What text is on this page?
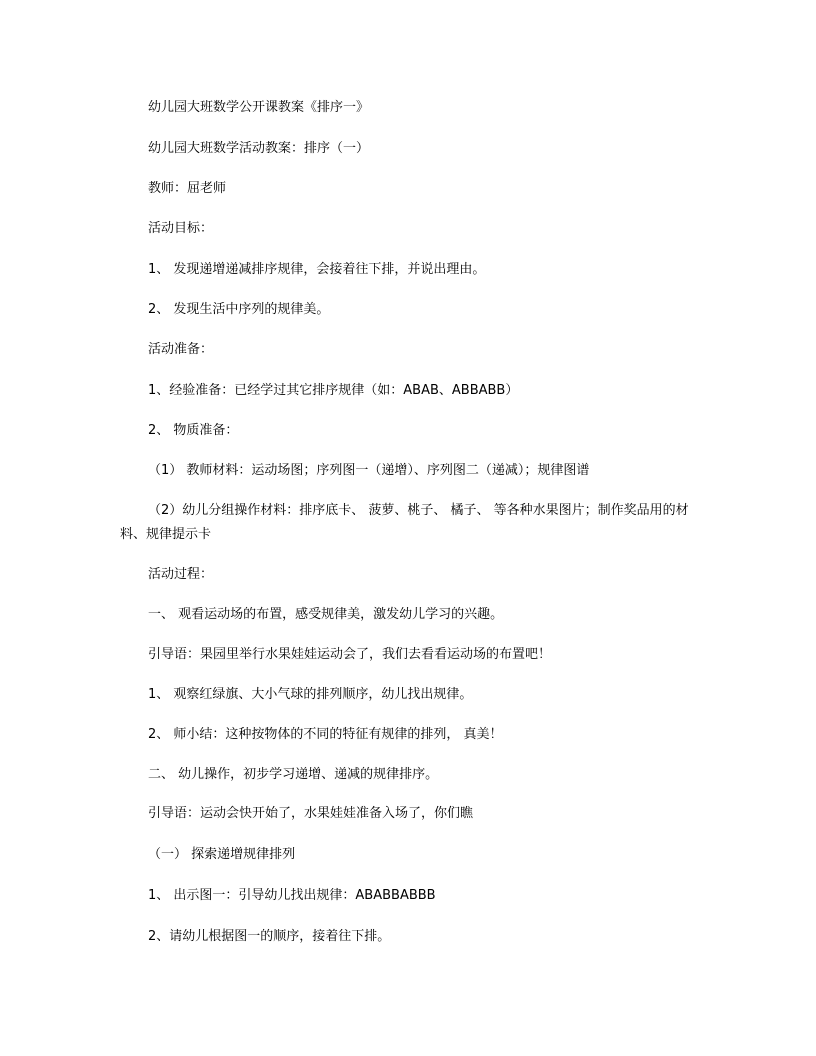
幼儿园大班数学公开课教案《排序一》
幼儿园大班数学活动教案：排序（一）
教师：屈老师
活动目标：
1、 发现递增递减排序规律，会接着往下排，并说出理由。
2、 发现生活中序列的规律美。
活动准备：
1、经验准备：已经学过其它排序规律（如：ABAB、ABBABB）
2、 物质准备：
（1） 教师材料：运动场图；序列图一（递增）、序列图二（递减）；规律图谱
（2）幼儿分组操作材料：排序底卡、 菠萝、桃子、 橘子、 等各种水果图片；制作奖品用的材料、规律提示卡
活动过程：
一、 观看运动场的布置，感受规律美，激发幼儿学习的兴趣。
引导语：果园里举行水果娃娃运动会了，我们去看看运动场的布置吧！
1、 观察红绿旗、大小气球的排列顺序，幼儿找出规律。
2、 师小结：这种按物体的不同的特征有规律的排列， 真美！
二、 幼儿操作，初步学习递增、递减的规律排序。
引导语：运动会快开始了，水果娃娃准备入场了，你们瞧
（一） 探索递增规律排列
1、 出示图一：引导幼儿找出规律：ABABBABBB
2、请幼儿根据图一的顺序，接着往下排。
